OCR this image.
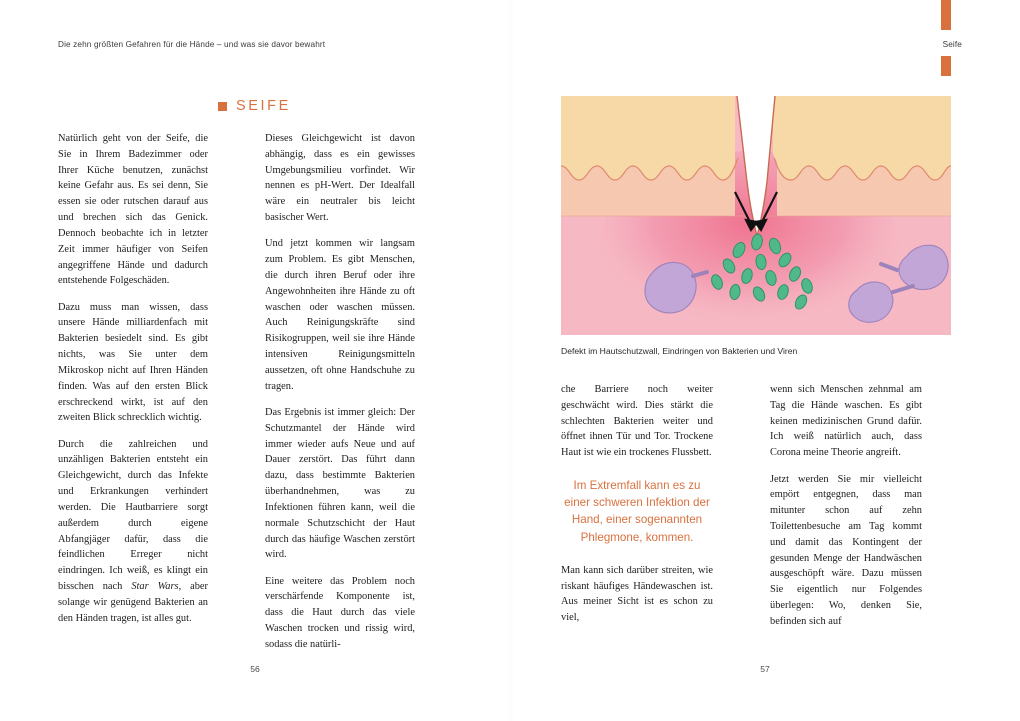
Die zehn größten Gefahren für die Hände – und was sie davor bewahrt	Seife
SEIFE

Natürlich geht von der Seife, die Sie in Ihrem Badezimmer oder Ihrer Küche benutzen, zunächst keine Gefahr aus. Es sei denn, Sie essen sie oder rutschen darauf aus und brechen sich das Genick. Dennoch beobachte ich in letzter Zeit immer häufiger von Seifen angegriffene Hände und dadurch entstehende Folgeschäden.

Dazu muss man wissen, dass unsere Hände milliardenfach mit Bakterien besiedelt sind. Es gibt nichts, was Sie unter dem Mikroskop nicht auf Ihren Händen finden. Was auf den ersten Blick erschreckend wirkt, ist auf den zweiten Blick schrecklich wichtig.

Durch die zahlreichen und unzähligen Bakterien entsteht ein Gleichgewicht, durch das Infekte und Erkrankungen verhindert werden. Die Hautbarriere sorgt außerdem durch eigene Abfangjäger dafür, dass die feindlichen Erreger nicht eindringen. Ich weiß, es klingt ein bisschen nach Star Wars, aber solange wir genügend Bakterien an den Händen tragen, ist alles gut.

Dieses Gleichgewicht ist davon abhängig, dass es ein gewisses Umgebungsmilieu vorfindet. Wir nennen es pH-Wert. Der Idealfall wäre ein neutraler bis leicht basischer Wert.

Und jetzt kommen wir langsam zum Problem. Es gibt Menschen, die durch ihren Beruf oder ihre Angewohnheiten ihre Hände zu oft waschen oder waschen müssen. Auch Reinigungskräfte sind Risikogruppen, weil sie ihre Hände intensiven Reinigungsmitteln aussetzen, oft ohne Handschuhe zu tragen.

Das Ergebnis ist immer gleich: Der Schutzmantel der Hände wird immer wieder aufs Neue und auf Dauer zerstört. Das führt dann dazu, dass bestimmte Bakterien überhandnehmen, was zu Infektionen führen kann, weil die normale Schutzschicht der Haut durch das häufige Waschen zerstört wird.

Eine weitere das Problem noch verschärfende Komponente ist, dass die Haut durch das viele Waschen trocken und rissig wird, sodass die natürli-

Defekt im Hautschutzwall, Eindringen von Bakterien und Viren

che Barriere noch weiter geschwächt wird. Dies stärkt die schlechten Bakterien weiter und öffnet ihnen Tür und Tor. Trockene Haut ist wie ein trockenes Flussbett.

Im Extremfall kann es zu einer schweren Infektion der Hand, einer sogenannten Phlegmone, kommen.

Man kann sich darüber streiten, wie riskant häufiges Händewaschen ist. Aus meiner Sicht ist es schon zu viel,

wenn sich Menschen zehnmal am Tag die Hände waschen. Es gibt keinen medizinischen Grund dafür. Ich weiß natürlich auch, dass Corona meine Theorie angreift.

Jetzt werden Sie mir vielleicht empört entgegnen, dass man mitunter schon auf zehn Toilettenbesuche am Tag kommt und damit das Kontingent der gesunden Menge der Handwäschen ausgeschöpft wäre. Dazu müssen Sie eigentlich nur Folgendes überlegen: Wo, denken Sie, befinden sich auf

56	57
